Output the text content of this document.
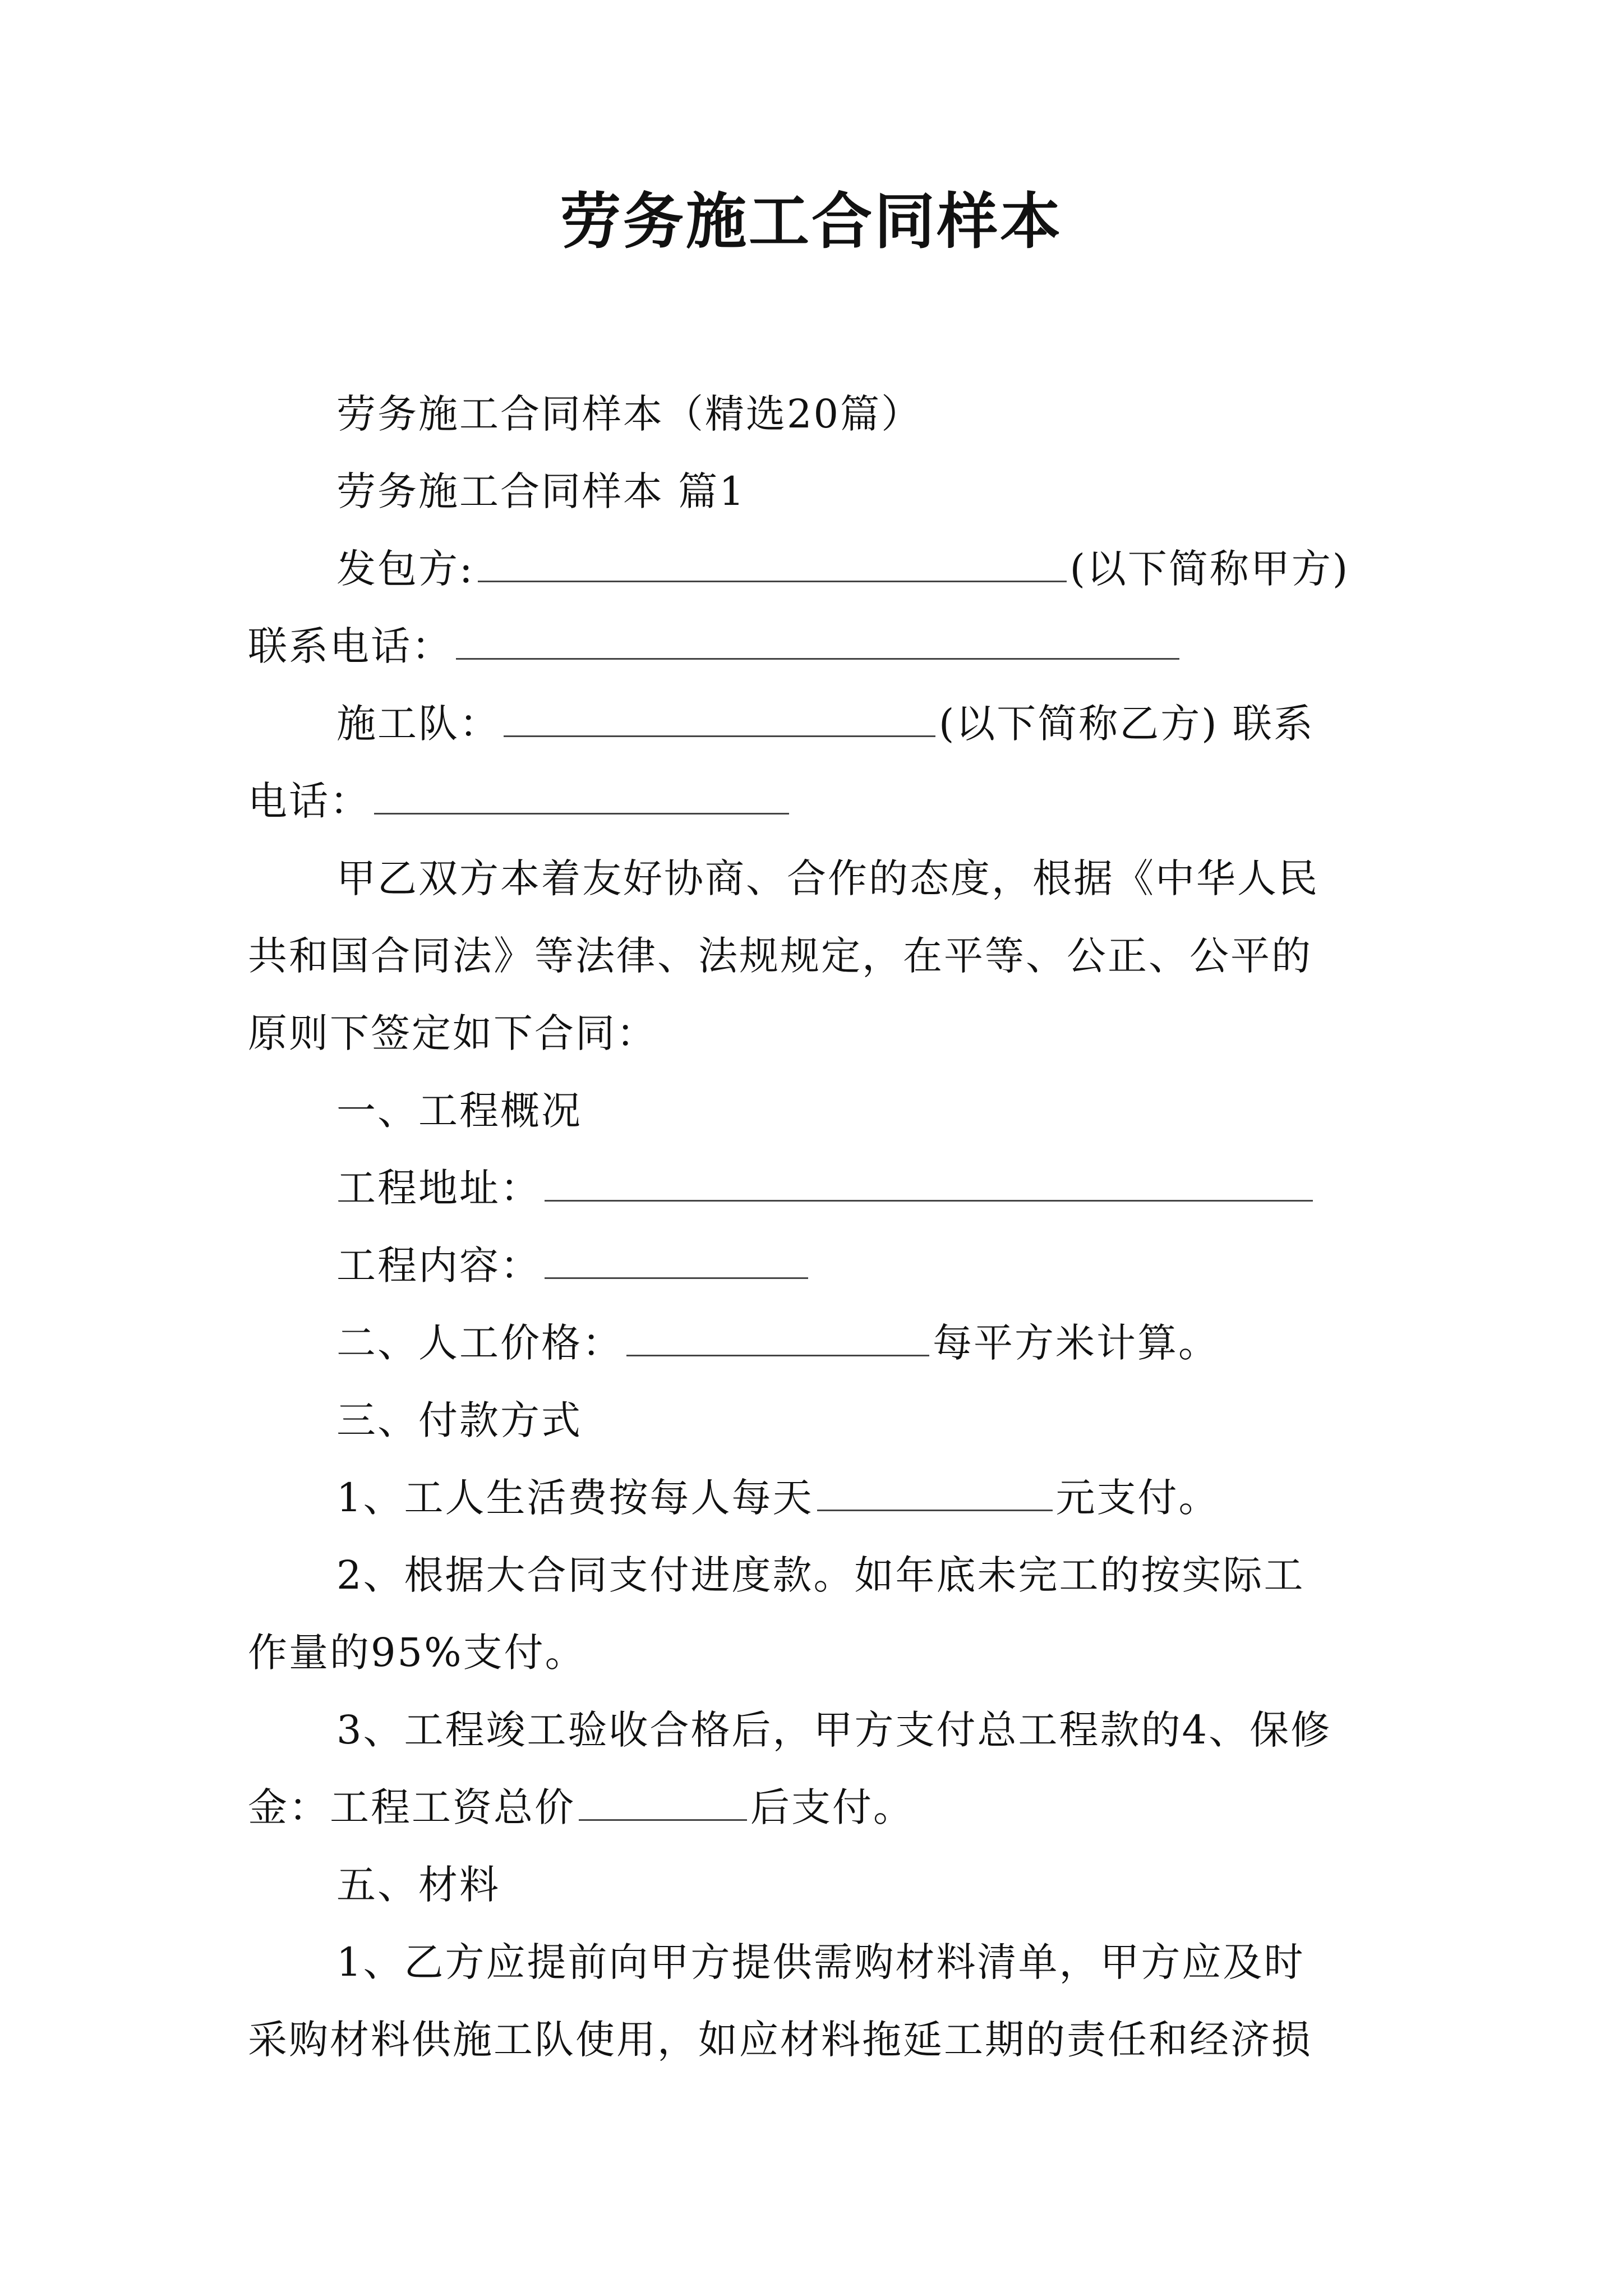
劳务施工合同样本
劳务施工合同样本（精选20篇）
劳务施工合同样本 篇1
发包方:	(以下简称甲方)
联系电话：
施工队：	(以下简称乙方) 联系
电话：
甲乙双方本着友好协商、合作的态度，根据《中华人民
共和国合同法》等法律、法规规定，在平等、公正、公平的
原则下签定如下合同：
一、工程概况
工程地址：
工程内容：
二、人工价格：	每平方米计算。
三、付款方式
1、工人生活费按每人每天	元支付。
2、根据大合同支付进度款。如年底未完工的按实际工
作量的95%支付。
3、工程竣工验收合格后，甲方支付总工程款的4、保修
金：工程工资总价	后支付。
五、材料
1、乙方应提前向甲方提供需购材料清单，甲方应及时
采购材料供施工队使用，如应材料拖延工期的责任和经济损
